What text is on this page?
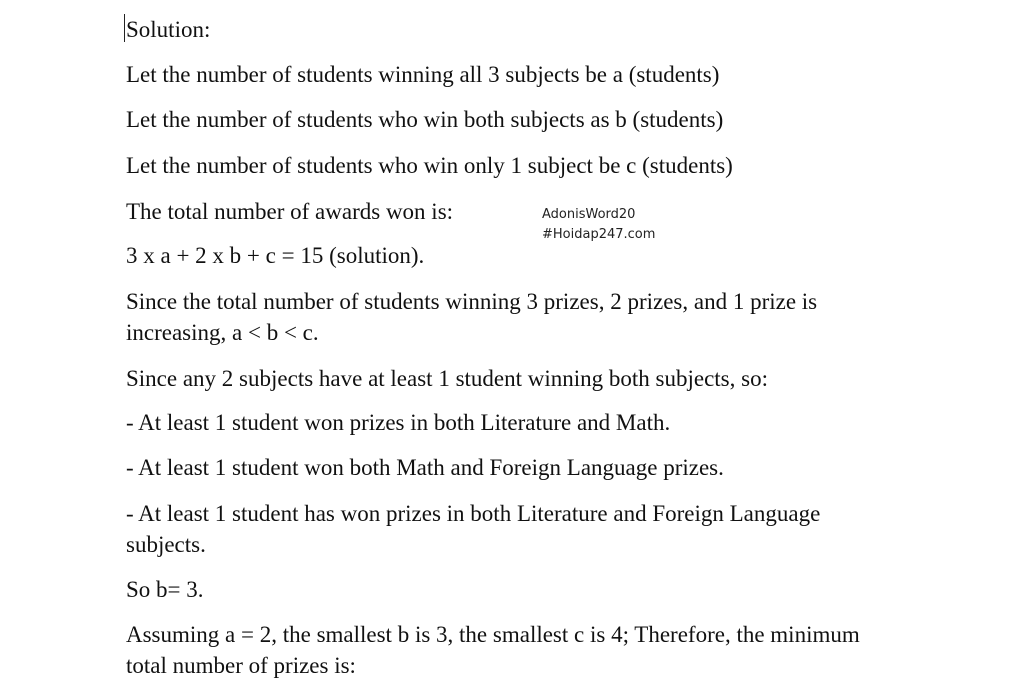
Solution:

Let the number of students winning all 3 subjects be a (students)

Let the number of students who win both subjects as b (students)

Let the number of students who win only 1 subject be c (students)

The total number of awards won is:	AdonisWord20
#Hoidap247.com

3 x a + 2 x b + c = 15 (solution).

Since the total number of students winning 3 prizes, 2 prizes, and 1 prize is

increasing, a < b < c.

Since any 2 subjects have at least 1 student winning both subjects, so:

- At least 1 student won prizes in both Literature and Math.

- At least 1 student won both Math and Foreign Language prizes.

- At least 1 student has won prizes in both Literature and Foreign Language

subjects.

So b= 3.

Assuming a = 2, the smallest b is 3, the smallest c is 4; Therefore, the minimum

total number of prizes is:
